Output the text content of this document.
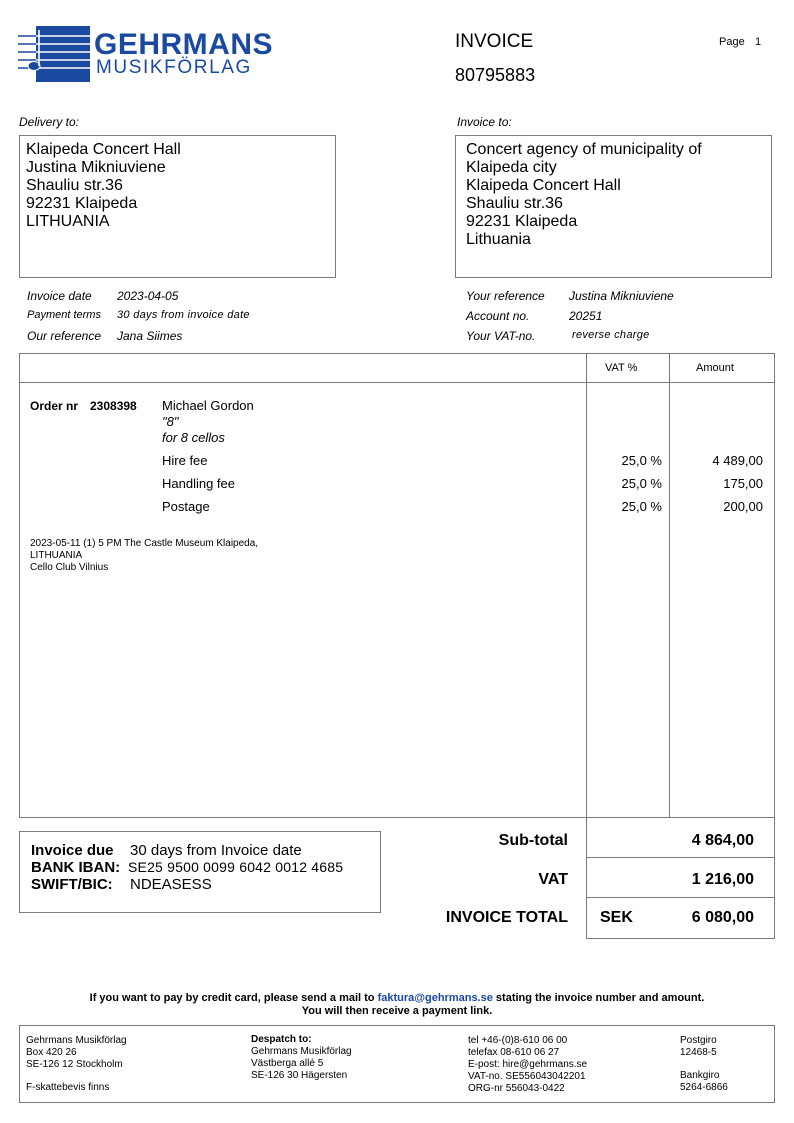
GEHRMANS
MUSIKFÖRLAG
INVOICE
80795883
Page 1
Delivery to:	Invoice to:
Klaipeda Concert Hall
Justina Mikniuviene
Shauliu str.36
92231 Klaipeda
LITHUANIA
Concert agency of municipality of
Klaipeda city
Klaipeda Concert Hall
Shauliu str.36
92231 Klaipeda
Lithuania
Invoice date 2023-04-05
Payment terms 30 days from invoice date
Our reference Jana Siimes
Your reference Justina Mikniuviene
Account no.	20251
Your VAT-no.	reverse charge
VAT %	Amount
Order nr 2308398 Michael Gordon
"8"
for 8 cellos
Hire fee	25,0 %	4 489,00
Handling fee	25,0 %	175,00
Postage	25,0 %	200,00
2023-05-11 (1) 5 PM The Castle Museum Klaipeda,
LITHUANIA
Cello Club Vilnius
Invoice due 30 days from Invoice date
BANK IBAN: SE25 9500 0099 6042 0012 4685
SWIFT/BIC: NDEASESS
Sub-total	4 864,00
VAT	1 216,00
INVOICE TOTAL SEK	6 080,00
If you want to pay by credit card, please send a mail to faktura@gehrmans.se stating the invoice number and amount.
You will then receive a payment link.
Gehrmans Musikförlag
Box 420 26
SE-126 12 Stockholm
F-skattebevis finns
Despatch to:
Gehrmans Musikförlag
Västberga allé 5
SE-126 30 Hägersten
tel +46-(0)8-610 06 00
telefax 08-610 06 27
E-post: hire@gehrmans.se
VAT-no. SE556043042201
ORG-nr 556043-0422
Postgiro
12468-5
Bankgiro
5264-6866
